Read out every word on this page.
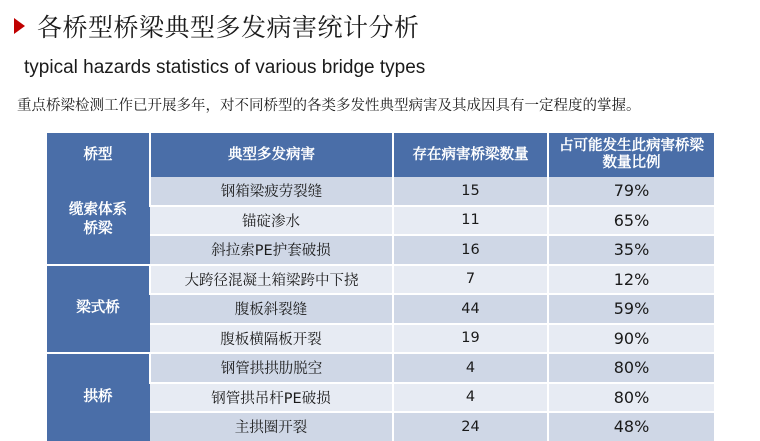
各桥型桥梁典型多发病害统计分析
typical hazards statistics of various bridge types
重点桥梁检测工作已开展多年，对不同桥型的各类多发性典型病害及其成因具有一定程度的掌握。
桥型	典型多发病害	存在病害桥梁数量	占可能发生此病害桥梁数量比例
缆索体系桥梁	钢箱梁疲劳裂缝	15	79%
	锚碇渗水	11	65%
	斜拉索PE护套破损	16	35%
梁式桥	大跨径混凝土箱梁跨中下挠	7	12%
	腹板斜裂缝	44	59%
	腹板横隔板开裂	19	90%
拱桥	钢管拱拱肋脱空	4	80%
	钢管拱吊杆PE破损	4	80%
	主拱圈开裂	24	48%
